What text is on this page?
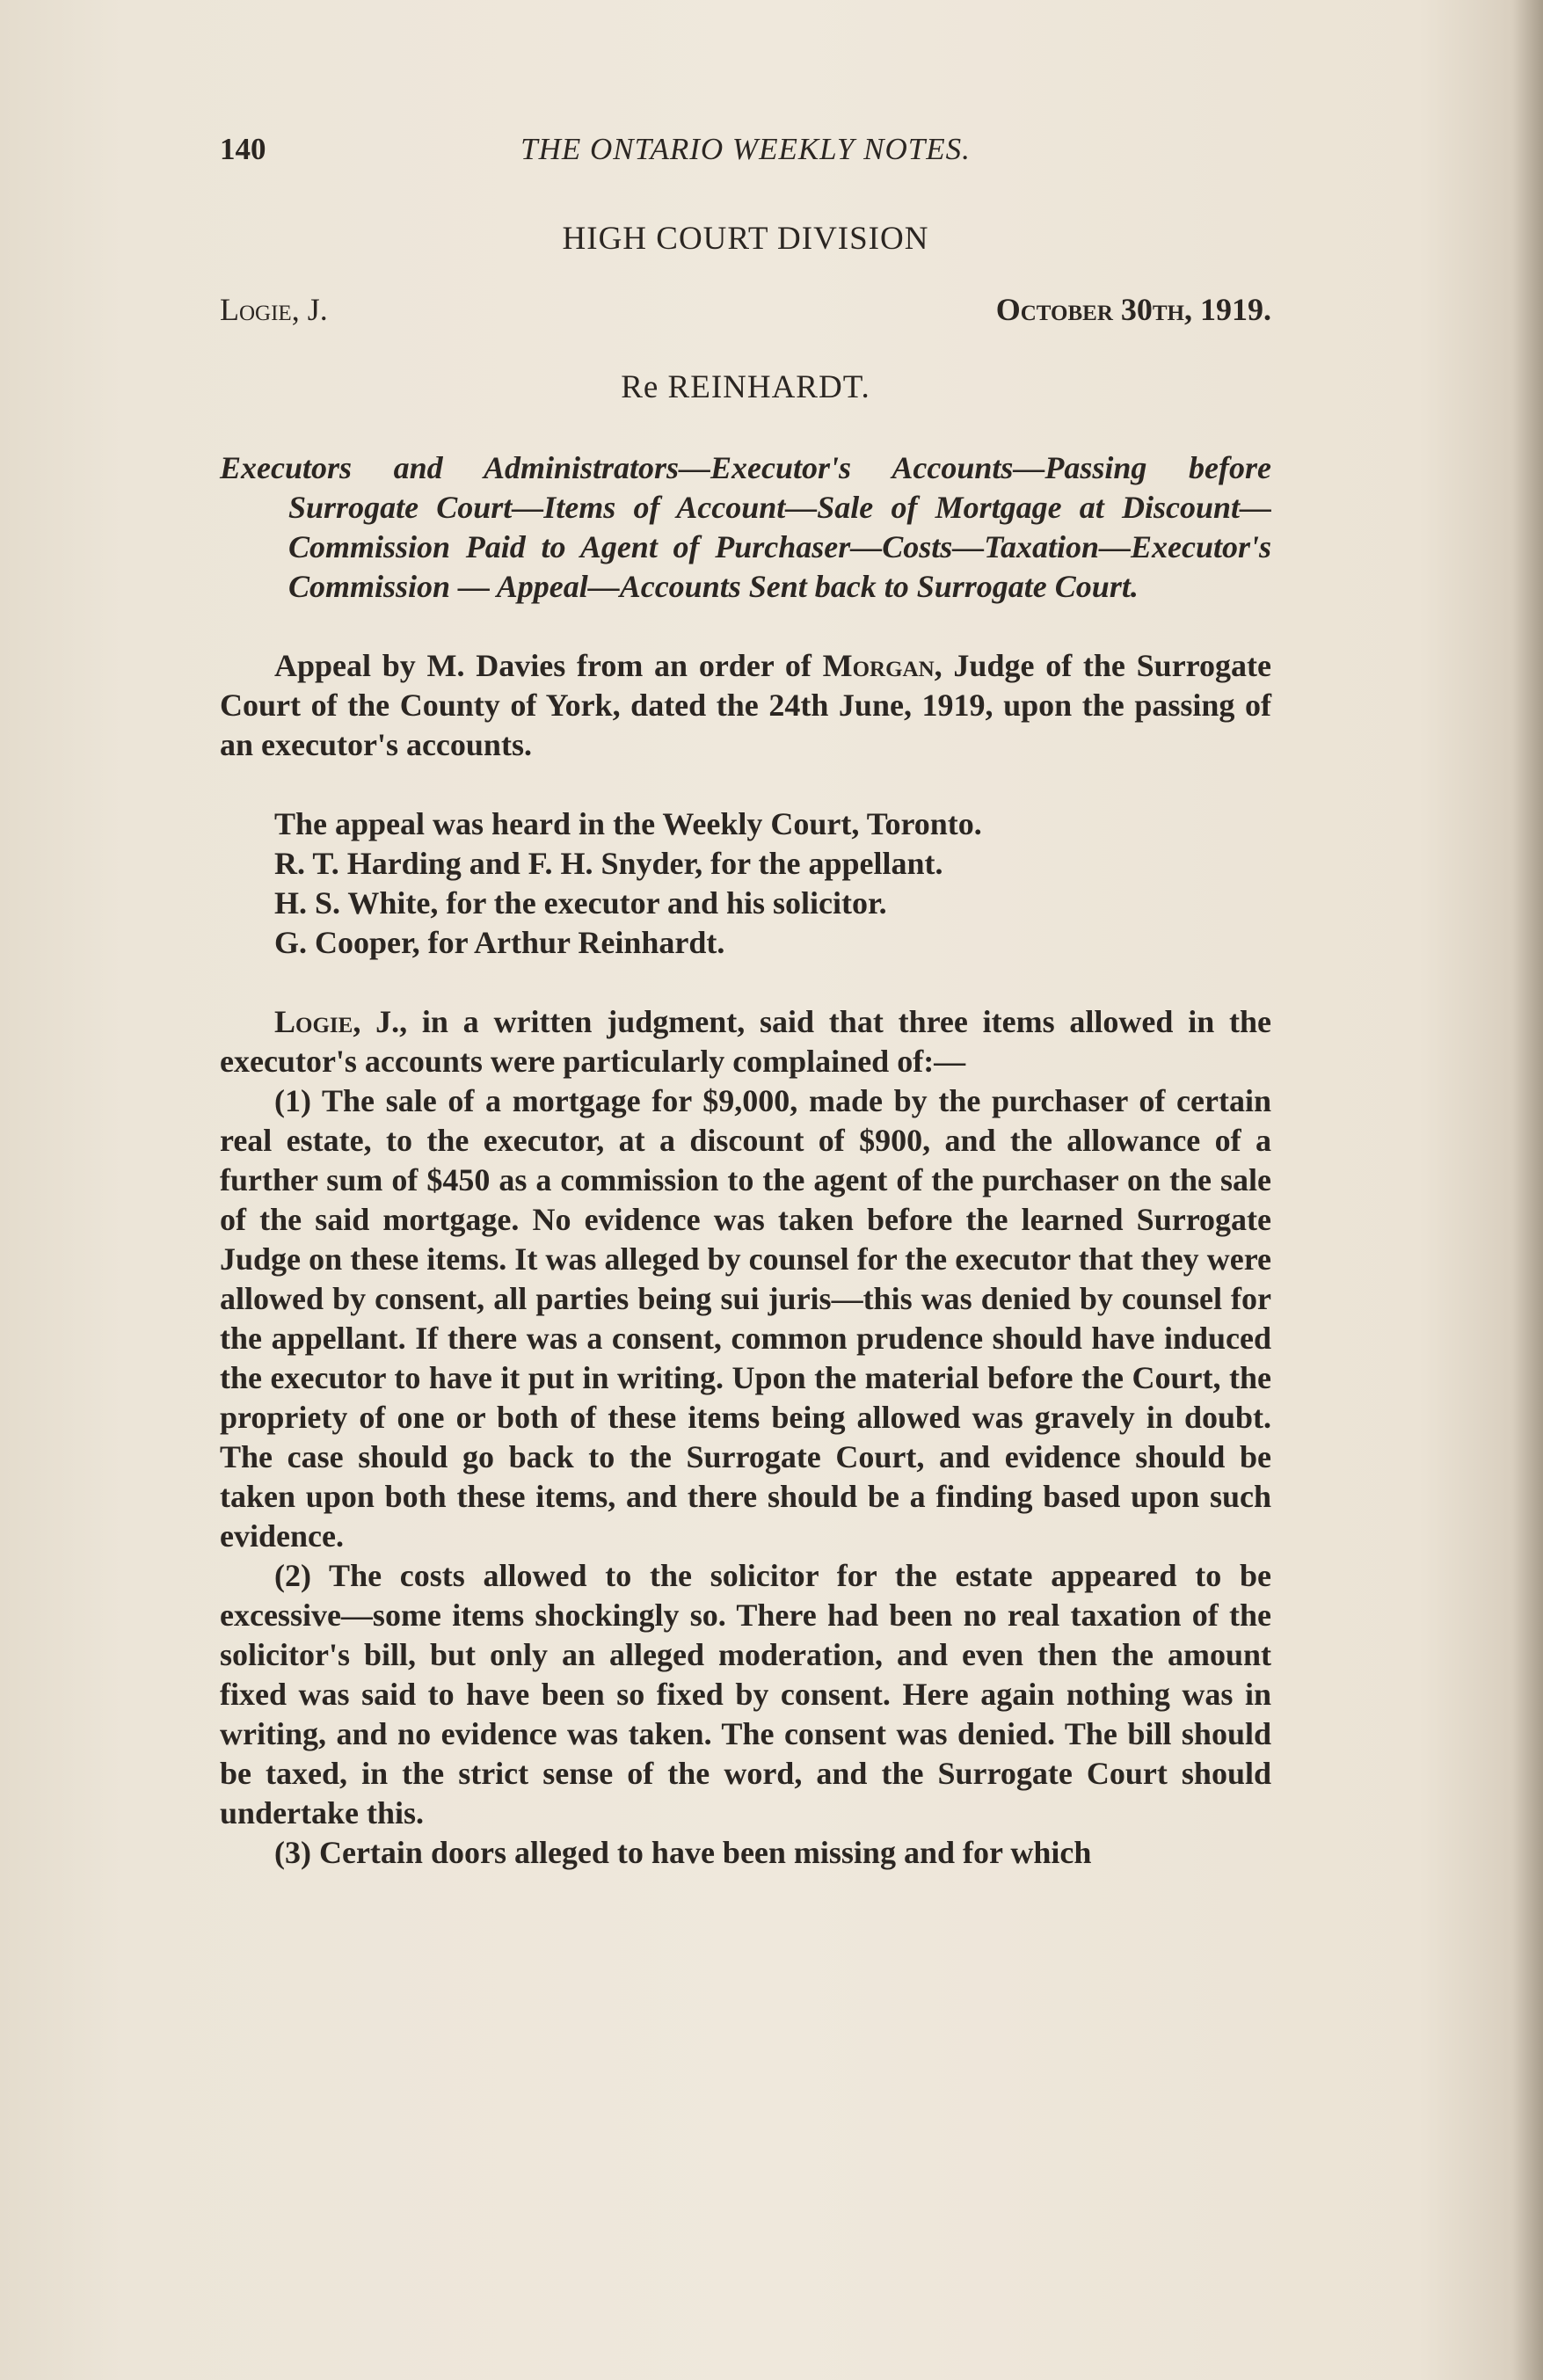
140	THE ONTARIO WEEKLY NOTES.
HIGH COURT DIVISION
Logie, J.	October 30th, 1919.
Re REINHARDT.

Executors and Administrators—Executor's Accounts—Passing before Surrogate Court—Items of Account—Sale of Mortgage at Discount—Commission Paid to Agent of Purchaser—Costs—Taxation—Executor's Commission — Appeal—Accounts Sent back to Surrogate Court.

Appeal by M. Davies from an order of Morgan, Judge of the Surrogate Court of the County of York, dated the 24th June, 1919, upon the passing of an executor's accounts.

The appeal was heard in the Weekly Court, Toronto.
R. T. Harding and F. H. Snyder, for the appellant.
H. S. White, for the executor and his solicitor.
G. Cooper, for Arthur Reinhardt.

Logie, J., in a written judgment, said that three items allowed in the executor's accounts were particularly complained of:—

(1) The sale of a mortgage for $9,000, made by the purchaser of certain real estate, to the executor, at a discount of $900, and the allowance of a further sum of $450 as a commission to the agent of the purchaser on the sale of the said mortgage. No evidence was taken before the learned Surrogate Judge on these items. It was alleged by counsel for the executor that they were allowed by consent, all parties being sui juris—this was denied by counsel for the appellant. If there was a consent, common prudence should have induced the executor to have it put in writing. Upon the material before the Court, the propriety of one or both of these items being allowed was gravely in doubt. The case should go back to the Surrogate Court, and evidence should be taken upon both these items, and there should be a finding based upon such evidence.

(2) The costs allowed to the solicitor for the estate appeared to be excessive—some items shockingly so. There had been no real taxation of the solicitor's bill, but only an alleged moderation, and even then the amount fixed was said to have been so fixed by consent. Here again nothing was in writing, and no evidence was taken. The consent was denied. The bill should be taxed, in the strict sense of the word, and the Surrogate Court should undertake this.

(3) Certain doors alleged to have been missing and for which
